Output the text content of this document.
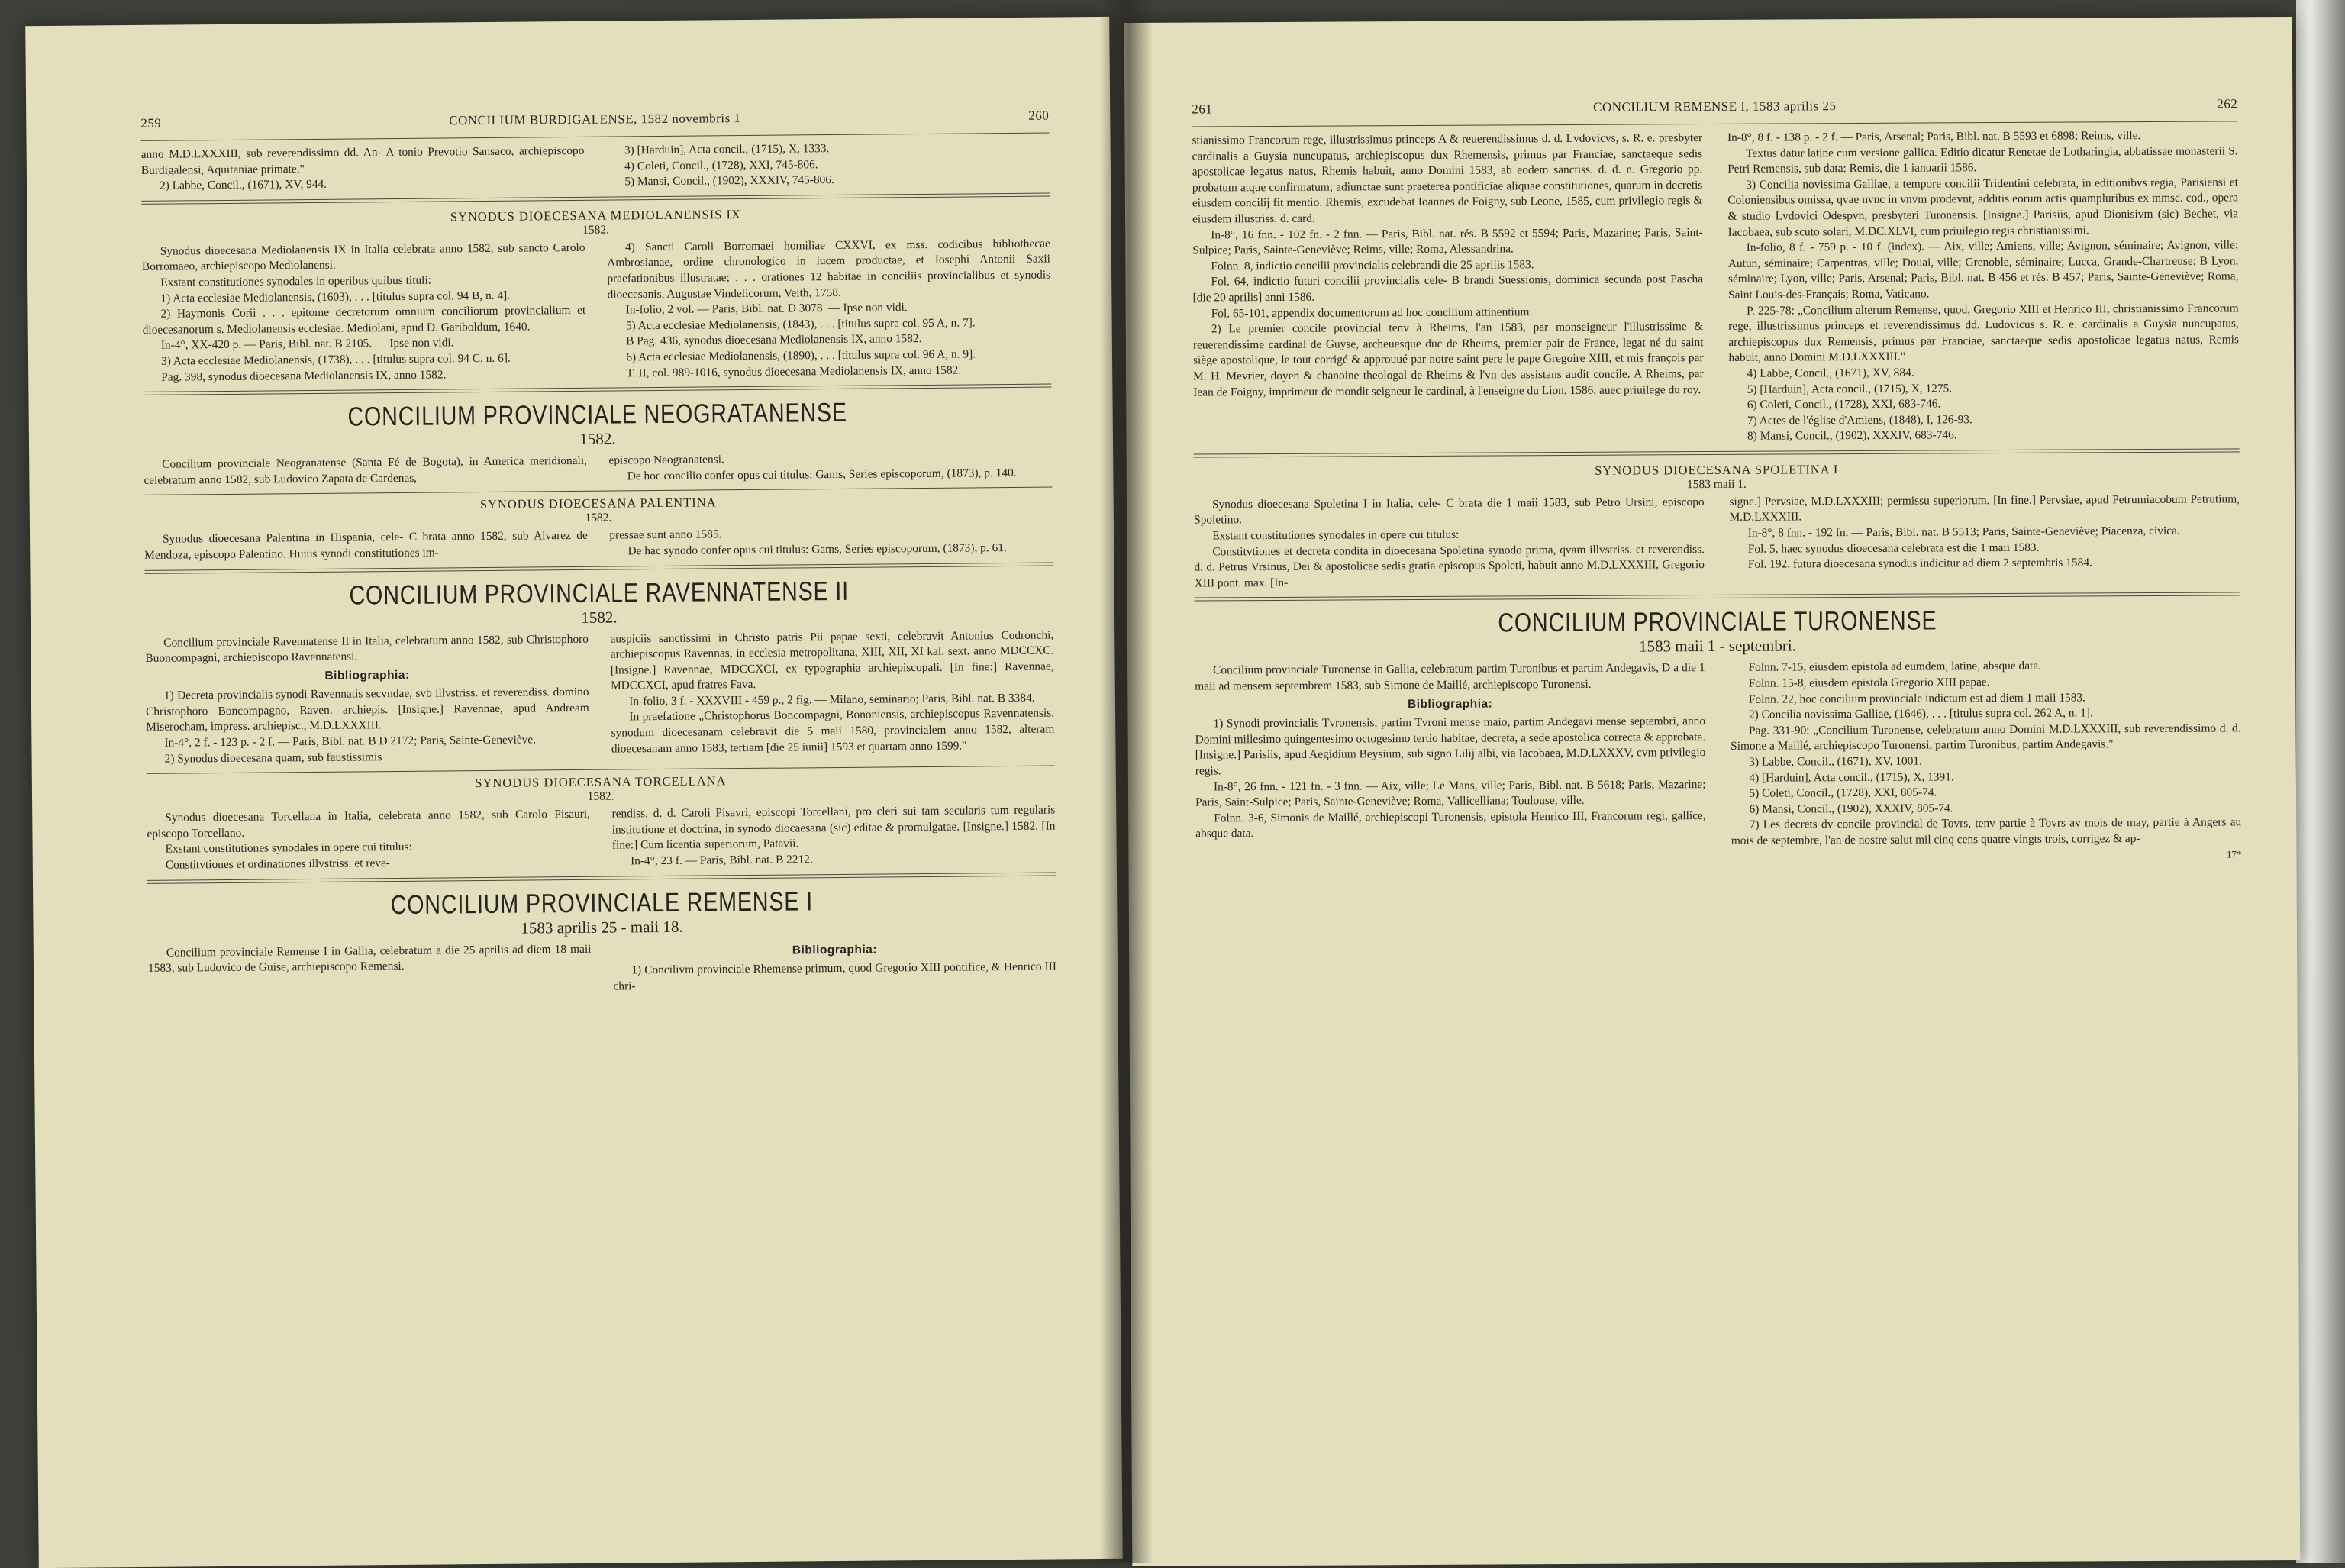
259	CONCILIUM BURDIGALENSE, 1582 novembris 1	260

anno M.D.LXXXIII, sub reverendissimo dd. An- A tonio Prevotio Sansaco, archiepiscopo Burdigalensi, Aquitaniae primate."

2) Labbe, Concil., (1671), XV, 944.

3) [Harduin], Acta concil., (1715), X, 1333.

4) Coleti, Concil., (1728), XXI, 745-806.

5) Mansi, Concil., (1902), XXXIV, 745-806.

SYNODUS DIOECESANA MEDIOLANENSIS IX
1582.

Synodus dioecesana Mediolanensis IX in Italia celebrata anno 1582, sub sancto Carolo Borromaeo, archiepiscopo Mediolanensi.

Exstant constitutiones synodales in operibus quibus tituli:

1) Acta ecclesiae Mediolanensis, (1603), . . . [titulus supra col. 94 B, n. 4].

2) Haymonis Corii . . . epitome decretorum omnium conciliorum provincialium et dioecesanorum s. Mediolanensis ecclesiae. Mediolani, apud D. Gariboldum, 1640.

In-4°, XX-420 p. — Paris, Bibl. nat. B 2105. — Ipse non vidi.

3) Acta ecclesiae Mediolanensis, (1738), . . . [titulus supra col. 94 C, n. 6].

Pag. 398, synodus dioecesana Mediolanensis IX, anno 1582.

4) Sancti Caroli Borromaei homiliae CXXVI, ex mss. codicibus bibliothecae Ambrosianae, ordine chronologico in lucem productae, et Iosephi Antonii Saxii praefationibus illustratae; . . . orationes 12 habitae in conciliis provincialibus et synodis dioecesanis. Augustae Vindelicorum, Veith, 1758.

In-folio, 2 vol. — Paris, Bibl. nat. D 3078. — Ipse non vidi.

5) Acta ecclesiae Mediolanensis, (1843), . . . [titulus supra col. 95 A, n. 7].

B Pag. 436, synodus dioecesana Mediolanensis IX, anno 1582.

6) Acta ecclesiae Mediolanensis, (1890), . . . [titulus supra col. 96 A, n. 9].

T. II, col. 989-1016, synodus dioecesana Mediolanensis IX, anno 1582.

CONCILIUM PROVINCIALE NEOGRATANENSE
1582.

Concilium provinciale Neogranatense (Santa Fé de Bogota), in America meridionali, celebratum anno 1582, sub Ludovico Zapata de Cardenas,

episcopo Neogranatensi.

De hoc concilio confer opus cui titulus: Gams, Series episcoporum, (1873), p. 140.

SYNODUS DIOECESANA PALENTINA
1582.

Synodus dioecesana Palentina in Hispania, cele- C brata anno 1582, sub Alvarez de Mendoza, episcopo Palentino. Huius synodi constitutiones im-

pressae sunt anno 1585.

De hac synodo confer opus cui titulus: Gams, Series episcoporum, (1873), p. 61.

CONCILIUM PROVINCIALE RAVENNATENSE II
1582.

Concilium provinciale Ravennatense II in Italia, celebratum anno 1582, sub Christophoro Buoncompagni, archiepiscopo Ravennatensi.

Bibliographia:

1) Decreta provincialis synodi Ravennatis secvndae, svb illvstriss. et reverendiss. domino Christophoro Boncompagno, Raven. archiepis. [Insigne.] Ravennae, apud Andream Miserocham, impress. archiepisc., M.D.LXXXIII.

In-4°, 2 f. - 123 p. - 2 f. — Paris, Bibl. nat. B D 2172; Paris, Sainte-Geneviève.

2) Synodus dioecesana quam, sub faustissimis

auspiciis sanctissimi in Christo patris Pii papae sexti, celebravit Antonius Codronchi, archiepiscopus Ravennas, in ecclesia metropolitana, XIII, XII, XI kal. sext. anno MDCCXC. [Insigne.] Ravennae, MDCCXCI, ex typographia archiepiscopali. [In fine:] Ravennae, MDCCXCI, apud fratres Fava.

In-folio, 3 f. - XXXVIII - 459 p., 2 fig. — Milano, seminario; Paris, Bibl. nat. B 3384.

In praefatione „Christophorus Boncompagni, Bononiensis, archiepiscopus Ravennatensis, synodum dioecesanam celebravit die 5 maii 1580, provincialem anno 1582, alteram dioecesanam anno 1583, tertiam [die 25 iunii] 1593 et quartam anno 1599."

SYNODUS DIOECESANA TORCELLANA
1582.

Synodus dioecesana Torcellana in Italia, celebrata anno 1582, sub Carolo Pisauri, episcopo Torcellano.

Exstant constitutiones synodales in opere cui titulus:

Constitvtiones et ordinationes illvstriss. et reve-

rendiss. d. d. Caroli Pisavri, episcopi Torcellani, pro cleri sui tam secularis tum regularis institutione et doctrina, in synodo diocaesana (sic) editae & promulgatae. [Insigne.] 1582. [In fine:] Cum licentia superiorum, Patavii.

In-4°, 23 f. — Paris, Bibl. nat. B 2212.

CONCILIUM PROVINCIALE REMENSE I
1583 aprilis 25 - maii 18.

Concilium provinciale Remense I in Gallia, celebratum a die 25 aprilis ad diem 18 maii 1583, sub Ludovico de Guise, archiepiscopo Remensi.

Bibliographia:

1) Concilivm provinciale Rhemense primum, quod Gregorio XIII pontifice, & Henrico III chri-

261	CONCILIUM REMENSE I, 1583 aprilis 25	262

stianissimo Francorum rege, illustrissimus princeps A & reuerendissimus d. d. Lvdovicvs, s. R. e. presbyter cardinalis a Guysia nuncupatus, archiepiscopus dux Rhemensis, primus par Franciae, sanctaeque sedis apostolicae legatus natus, Rhemis habuit, anno Domini 1583, ab eodem sanctiss. d. d. n. Gregorio pp. probatum atque confirmatum; adiunctae sunt praeterea pontificiae aliquae constitutiones, quarum in decretis eiusdem concilij fit mentio. Rhemis, excudebat Ioannes de Foigny, sub Leone, 1585, cum privilegio regis & eiusdem illustriss. d. card.

In-8°, 16 fnn. - 102 fn. - 2 fnn. — Paris, Bibl. nat. rés. B 5592 et 5594; Paris, Mazarine; Paris, Saint-Sulpice; Paris, Sainte-Geneviève; Reims, ville; Roma, Alessandrina.

Folnn. 8, indictio concilii provincialis celebrandi die 25 aprilis 1583.

Fol. 64, indictio futuri concilii provincialis cele- B brandi Suessionis, dominica secunda post Pascha [die 20 aprilis] anni 1586.

Fol. 65-101, appendix documentorum ad hoc concilium attinentium.

2) Le premier concile provincial tenv à Rheims, l'an 1583, par monseigneur l'illustrissime & reuerendissime cardinal de Guyse, archeuesque duc de Rheims, premier pair de France, legat né du saint siège apostolique, le tout corrigé & approuué par notre saint pere le pape Gregoire XIII, et mis françois par M. H. Mevrier, doyen & chanoine theologal de Rheims & l'vn des assistans audit concile. A Rheims, par Iean de Foigny, imprimeur de mondit seigneur le cardinal, à l'enseigne du Lion, 1586, auec priuilege du roy.

In-8°, 8 f. - 138 p. - 2 f. — Paris, Arsenal; Paris, Bibl. nat. B 5593 et 6898; Reims, ville.

Textus datur latine cum versione gallica. Editio dicatur Renetae de Lotharingia, abbatissae monasterii S. Petri Remensis, sub data: Remis, die 1 ianuarii 1586.

3) Concilia novissima Galliae, a tempore concilii Tridentini celebrata, in editionibvs regia, Parisiensi et Coloniensibus omissa, qvae nvnc in vnvm prodevnt, additis eorum actis quampluribus ex mmsc. cod., opera & studio Lvdovici Odespvn, presbyteri Turonensis. [Insigne.] Parisiis, apud Dionisivm (sic) Bechet, via Iacobaea, sub scuto solari, M.DC.XLVI, cum priuilegio regis christianissimi.

In-folio, 8 f. - 759 p. - 10 f. (index). — Aix, ville; Amiens, ville; Avignon, séminaire; Avignon, ville; Autun, séminaire; Carpentras, ville; Douai, ville; Grenoble, séminaire; Lucca, Grande-Chartreuse; B Lyon, séminaire; Lyon, ville; Paris, Arsenal; Paris, Bibl. nat. B 456 et rés. B 457; Paris, Sainte-Geneviève; Roma, Saint Louis-des-Français; Roma, Vaticano.

P. 225-78: „Concilium alterum Remense, quod, Gregorio XIII et Henrico III, christianissimo Francorum rege, illustrissimus princeps et reverendissimus dd. Ludovicus s. R. e. cardinalis a Guysia nuncupatus, archiepiscopus dux Remensis, primus par Franciae, sanctaeque sedis apostolicae legatus natus, Remis habuit, anno Domini M.D.LXXXIII."

4) Labbe, Concil., (1671), XV, 884.

5) [Harduin], Acta concil., (1715), X, 1275.

6) Coleti, Concil., (1728), XXI, 683-746.

7) Actes de l'église d'Amiens, (1848), I, 126-93.

8) Mansi, Concil., (1902), XXXIV, 683-746.

SYNODUS DIOECESANA SPOLETINA I
1583 maii 1.

Synodus dioecesana Spoletina I in Italia, cele- C brata die 1 maii 1583, sub Petro Ursini, episcopo Spoletino.

Exstant constitutiones synodales in opere cui titulus:

Constitvtiones et decreta condita in dioecesana Spoletina synodo prima, qvam illvstriss. et reverendiss. d. d. Petrus Vrsinus, Dei & apostolicae sedis gratia episcopus Spoleti, habuit anno M.D.LXXXIII, Gregorio XIII pont. max. [In-

signe.] Pervsiae, M.D.LXXXIII; permissu superiorum. [In fine.] Pervsiae, apud Petrumiacobum Petrutium, M.D.LXXXIII.

In-8°, 8 fnn. - 192 fn. — Paris, Bibl. nat. B 5513; Paris, Sainte-Geneviève; Piacenza, civica.

Fol. 5, haec synodus dioecesana celebrata est die 1 maii 1583.

Fol. 192, futura dioecesana synodus indicitur ad diem 2 septembris 1584.

CONCILIUM PROVINCIALE TURONENSE
1583 maii 1 - septembri.

Concilium provinciale Turonense in Gallia, celebratum partim Turonibus et partim Andegavis, D a die 1 maii ad mensem septembrem 1583, sub Simone de Maillé, archiepiscopo Turonensi.

Bibliographia:

1) Synodi provincialis Tvronensis, partim Tvroni mense maio, partim Andegavi mense septembri, anno Domini millesimo quingentesimo octogesimo tertio habitae, decreta, a sede apostolica correcta & approbata. [Insigne.] Parisiis, apud Aegidium Beysium, sub signo Lilij albi, via Iacobaea, M.D.LXXXV, cvm privilegio regis.

In-8°, 26 fnn. - 121 fn. - 3 fnn. — Aix, ville; Le Mans, ville; Paris, Bibl. nat. B 5618; Paris, Mazarine; Paris, Saint-Sulpice; Paris, Sainte-Geneviève; Roma, Vallicelliana; Toulouse, ville.

Folnn. 3-6, Simonis de Maillé, archiepiscopi Turonensis, epistola Henrico III, Francorum regi, gallice, absque data.

Folnn. 7-15, eiusdem epistola ad eumdem, latine, absque data.

Folnn. 15-8, eiusdem epistola Gregorio XIII papae.

Folnn. 22, hoc concilium provinciale indictum est ad diem 1 maii 1583.

2) Concilia novissima Galliae, (1646), . . . [titulus supra col. 262 A, n. 1].

Pag. 331-90: „Concilium Turonense, celebratum anno Domini M.D.LXXXIII, sub reverendissimo d. d. Simone a Maillé, archiepiscopo Turonensi, partim Turonibus, partim Andegavis."

3) Labbe, Concil., (1671), XV, 1001.

4) [Harduin], Acta concil., (1715), X, 1391.

5) Coleti, Concil., (1728), XXI, 805-74.

6) Mansi, Concil., (1902), XXXIV, 805-74.

7) Les decrets dv concile provincial de Tovrs, tenv partie à Tovrs av mois de may, partie à Angers au mois de septembre, l'an de nostre salut mil cinq cens quatre vingts trois, corrigez & ap-

17*
